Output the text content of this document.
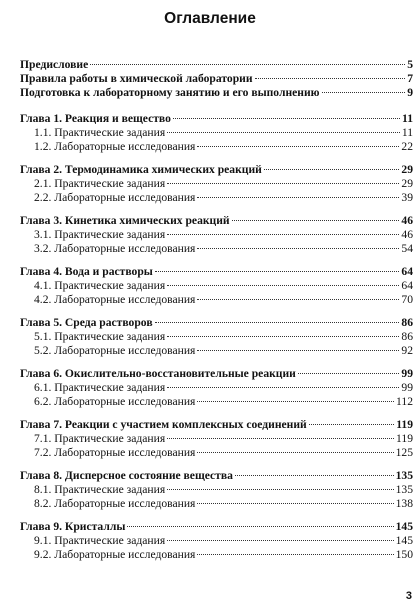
Оглавление
Предисловие	5
Правила работы в химической лаборатории	7
Подготовка к лабораторному занятию и его выполнению	9
Глава 1. Реакция и вещество	11
1.1. Практические задания	11
1.2. Лабораторные исследования	22
Глава 2. Термодинамика химических реакций	29
2.1. Практические задания	29
2.2. Лабораторные исследования	39
Глава 3. Кинетика химических реакций	46
3.1. Практические задания	46
3.2. Лабораторные исследования	54
Глава 4. Вода и растворы	64
4.1. Практические задания	64
4.2. Лабораторные исследования	70
Глава 5. Среда растворов	86
5.1. Практические задания	86
5.2. Лабораторные исследования	92
Глава 6. Окислительно-восстановительные реакции	99
6.1. Практические задания	99
6.2. Лабораторные исследования	112
Глава 7. Реакции с участием комплексных соединений	119
7.1. Практические задания	119
7.2. Лабораторные исследования	125
Глава 8. Дисперсное состояние вещества	135
8.1. Практические задания	135
8.2. Лабораторные исследования	138
Глава 9. Кристаллы	145
9.1. Практические задания	145
9.2. Лабораторные исследования	150
3
